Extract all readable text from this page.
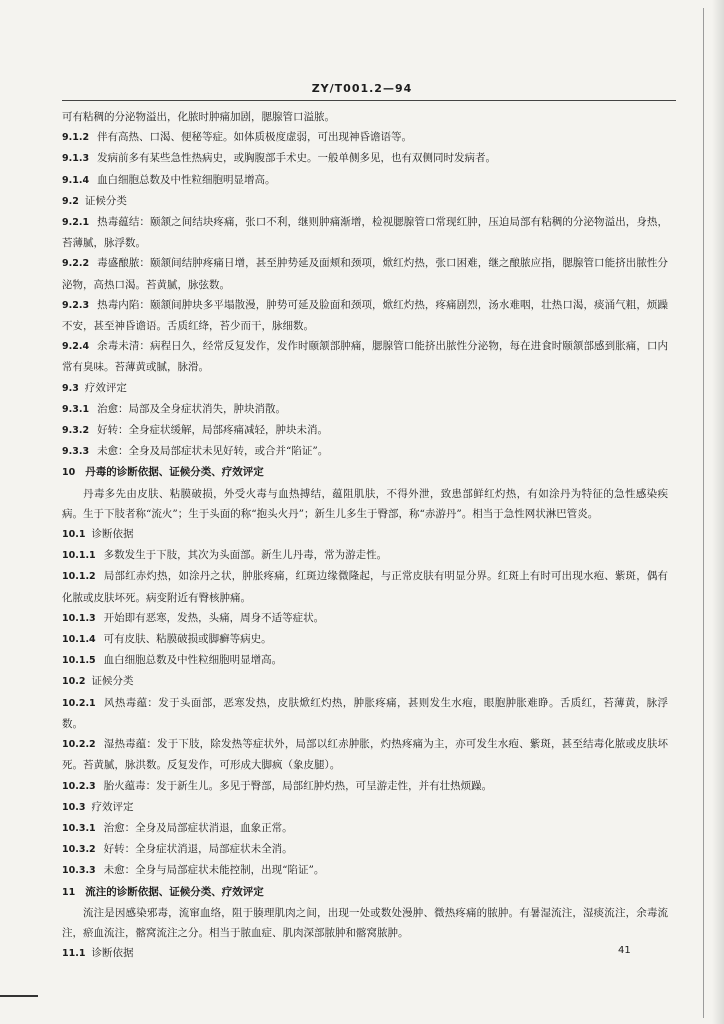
ZY/T001.2—94

可有粘稠的分泌物溢出，化脓时肿痛加剧，腮腺管口溢脓。

9.1.2 伴有高热、口渴、便秘等症。如体质极度虚弱，可出现神昏谵语等。

9.1.3 发病前多有某些急性热病史，或胸腹部手术史。一般单侧多见，也有双侧同时发病者。

9.1.4 血白细胞总数及中性粒细胞明显增高。

9.2 证候分类

9.2.1 热毒蕴结：颐颔之间结块疼痛，张口不利，继则肿痛渐增，检视腮腺管口常现红肿，压迫局部有粘稠的分泌物溢出，身热，苔薄腻，脉浮数。

9.2.2 毒盛酿脓：颐颔间结肿疼痛日增，甚至肿势延及面颊和颈项，焮红灼热，张口困难，继之酿脓应指，腮腺管口能挤出脓性分泌物，高热口渴。苔黄腻，脉弦数。

9.2.3 热毒内陷：颐颔间肿块多平塌散漫，肿势可延及脸面和颈项，焮红灼热，疼痛剧烈，汤水难咽，壮热口渴，痰涌气粗，烦躁不安，甚至神昏谵语。舌质红绛，苔少而干，脉细数。

9.2.4 余毒未清：病程日久，经常反复发作，发作时颐颔部肿痛，腮腺管口能挤出脓性分泌物，每在进食时颐颔部感到胀痛，口内常有臭味。苔薄黄或腻，脉滑。

9.3 疗效评定

9.3.1 治愈：局部及全身症状消失，肿块消散。

9.3.2 好转：全身症状缓解，局部疼痛减轻，肿块未消。

9.3.3 未愈：全身及局部症状未见好转，或合并“陷证”。

10 丹毒的诊断依据、证候分类、疗效评定

丹毒多先由皮肤、粘膜破损，外受火毒与血热搏结，蕴阻肌肤，不得外泄，致患部鲜红灼热，有如涂丹为特征的急性感染疾病。生于下肢者称“流火”；生于头面的称“抱头火丹”；新生儿多生于臀部，称“赤游丹”。相当于急性网状淋巴管炎。

10.1 诊断依据

10.1.1 多数发生于下肢，其次为头面部。新生儿丹毒，常为游走性。

10.1.2 局部红赤灼热，如涂丹之状，肿胀疼痛，红斑边缘微隆起，与正常皮肤有明显分界。红斑上有时可出现水疱、紫斑，偶有化脓或皮肤坏死。病变附近有臀核肿痛。

10.1.3 开始即有恶寒，发热，头痛，周身不适等症状。

10.1.4 可有皮肤、粘膜破损或脚癣等病史。

10.1.5 血白细胞总数及中性粒细胞明显增高。

10.2 证候分类

10.2.1 风热毒蕴：发于头面部，恶寒发热，皮肤焮红灼热，肿胀疼痛，甚则发生水疱，眼胞肿胀难睁。舌质红，苔薄黄，脉浮数。

10.2.2 湿热毒蕴：发于下肢，除发热等症状外，局部以红赤肿胀，灼热疼痛为主，亦可发生水疱、紫斑，甚至结毒化脓或皮肤坏死。苔黄腻，脉洪数。反复发作，可形成大脚疯（象皮腿）。

10.2.3 胎火蕴毒：发于新生儿。多见于臀部，局部红肿灼热，可呈游走性，并有壮热烦躁。

10.3 疗效评定

10.3.1 治愈：全身及局部症状消退，血象正常。

10.3.2 好转：全身症状消退，局部症状未全消。

10.3.3 未愈：全身与局部症状未能控制，出现“陷证”。

11 流注的诊断依据、证候分类、疗效评定

流注是因感染邪毒，流窜血络，阻于腠理肌肉之间，出现一处或数处漫肿、微热疼痛的脓肿。有暑湿流注，湿痰流注，余毒流注，瘀血流注，髂窝流注之分。相当于脓血症、肌肉深部脓肿和髂窝脓肿。

11.1 诊断依据	41
